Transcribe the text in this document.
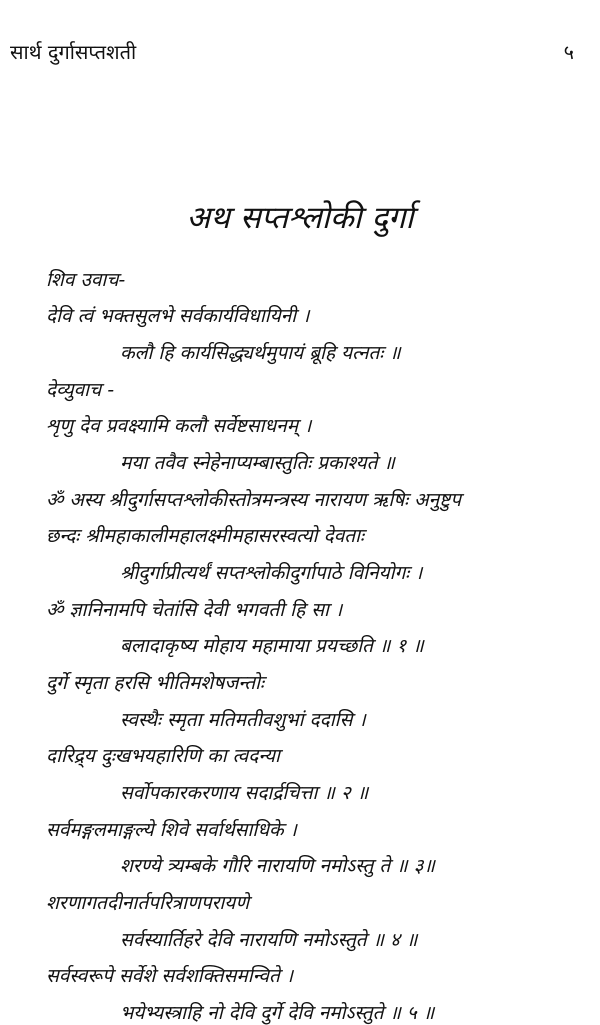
सार्थ दुर्गासप्तशती	५
अथ सप्तश्लोकी दुर्गा
शिव उवाच-
देवि त्वं भक्तसुलभे सर्वकार्यविधायिनी ।
कलौ हि कार्यसिद्ध्यर्थमुपायं ब्रूहि यत्नतः ॥
देव्युवाच -
शृणु देव प्रवक्ष्यामि कलौ सर्वेष्टसाधनम् ।
मया तवैव स्नेहेनाप्यम्बास्तुतिः प्रकाश्यते ॥
ॐ अस्य श्रीदुर्गासप्तश्लोकीस्तोत्रमन्त्रस्य नारायण ऋषिः अनुष्टुप
छन्दः श्रीमहाकालीमहालक्ष्मीमहासरस्वत्यो देवताः
श्रीदुर्गाप्रीत्यर्थं सप्तश्लोकीदुर्गापाठे विनियोगः ।
ॐ ज्ञानिनामपि चेतांसि देवी भगवती हि सा ।
बलादाकृष्य मोहाय महामाया प्रयच्छति ॥ १ ॥
दुर्गे स्मृता हरसि भीतिमशेषजन्तोः
स्वस्थैः स्मृता मतिमतीवशुभां ददासि ।
दारिद्र्य दुःखभयहारिणि का त्वदन्या
सर्वोपकारकरणाय सदार्द्रचित्ता ॥ २ ॥
सर्वमङ्गलमाङ्गल्ये शिवे सर्वार्थसाधिके ।
शरण्ये त्र्यम्बके गौरि नारायणि नमोऽस्तु ते ॥ ३॥
शरणागतदीनार्तपरित्राणपरायणे
सर्वस्यार्तिहरे देवि नारायणि नमोऽस्तुते ॥ ४ ॥
सर्वस्वरूपे सर्वेशे सर्वशक्तिसमन्विते ।
भयेभ्यस्त्राहि नो देवि दुर्गे देवि नमोऽस्तुते ॥ ५ ॥
